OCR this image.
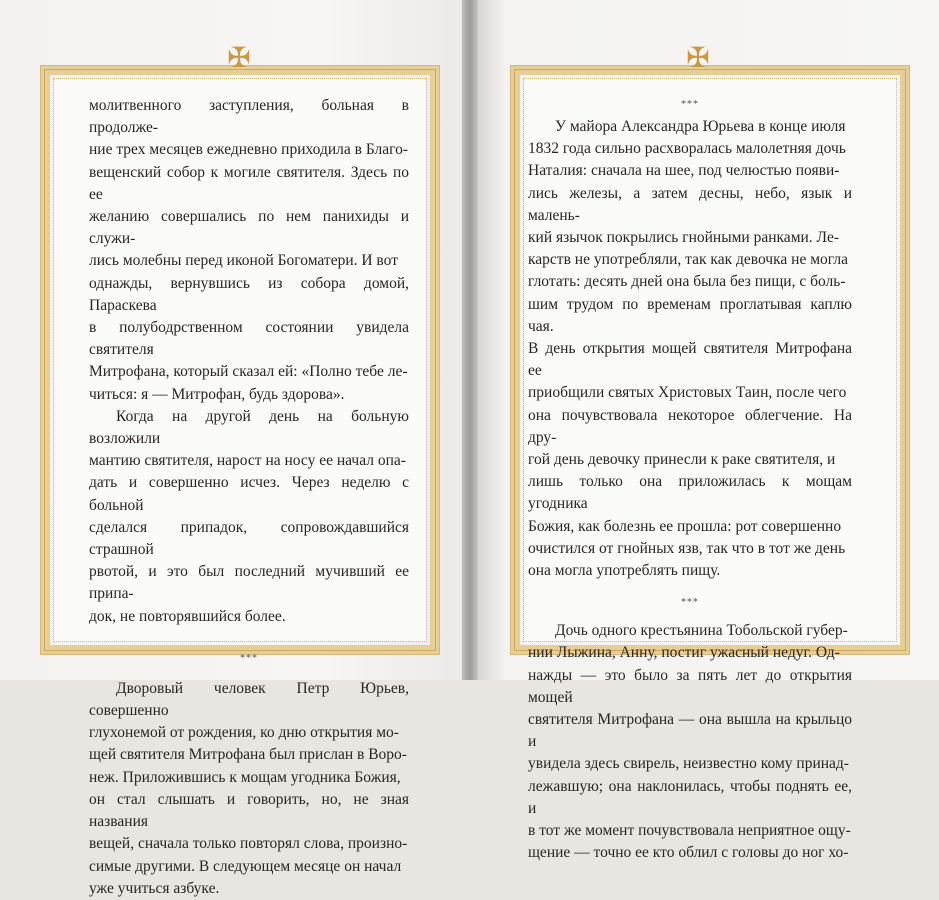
✠	✠

молитвенного заступления, больная в продолже-
ние трех месяцев ежедневно приходила в Благо-
вещенский собор к могиле святителя. Здесь по ее
желанию совершались по нем панихиды и служи-
лись молебны перед иконой Богоматери. И вот
однажды, вернувшись из собора домой, Параскева
в полубодрственном состоянии увидела святителя
Митрофана, который сказал ей: «Полно тебе ле-
читься: я — Митрофан, будь здорова».

Когда на другой день на больную возложили
мантию святителя, нарост на носу ее начал опа-
дать и совершенно исчез. Через неделю с больной
сделался припадок, сопровождавшийся страшной
рвотой, и это был последний мучивший ее припа-
док, не повторявшийся более.

***

Дворовый человек Петр Юрьев, совершенно
глухонемой от рождения, ко дню открытия мо-
щей святителя Митрофана был прислан в Воро-
неж. Приложившись к мощам угодника Божия,
он стал слышать и говорить, но, не зная названия
вещей, сначала только повторял слова, произно-
симые другими. В следующем месяце он начал
уже учиться азбуке.

***

У майора Александра Юрьева в конце июля
1832 года сильно расхворалась малолетняя дочь
Наталия: сначала на шее, под челюстью появи-
лись железы, а затем десны, небо, язык и малень-
кий язычок покрылись гнойными ранками. Ле-
карств не употребляли, так как девочка не могла
глотать: десять дней она была без пищи, с боль-
шим трудом по временам проглатывая каплю чая.
В день открытия мощей святителя Митрофана ее
приобщили святых Христовых Таин, после чего
она почувствовала некоторое облегчение. На дру-
гой день девочку принесли к раке святителя, и
лишь только она приложилась к мощам угодника
Божия, как болезнь ее прошла: рот совершенно
очистился от гнойных язв, так что в тот же день
она могла употреблять пищу.

***

Дочь одного крестьянина Тобольской губер-
нии Лыжина, Анну, постиг ужасный недуг. Од-
нажды — это было за пять лет до открытия мощей
святителя Митрофана — она вышла на крыльцо и
увидела здесь свирель, неизвестно кому принад-
лежавшую; она наклонилась, чтобы поднять ее, и
в тот же момент почувствовала неприятное ощу-
щение — точно ее кто облил с головы до ног хо-
